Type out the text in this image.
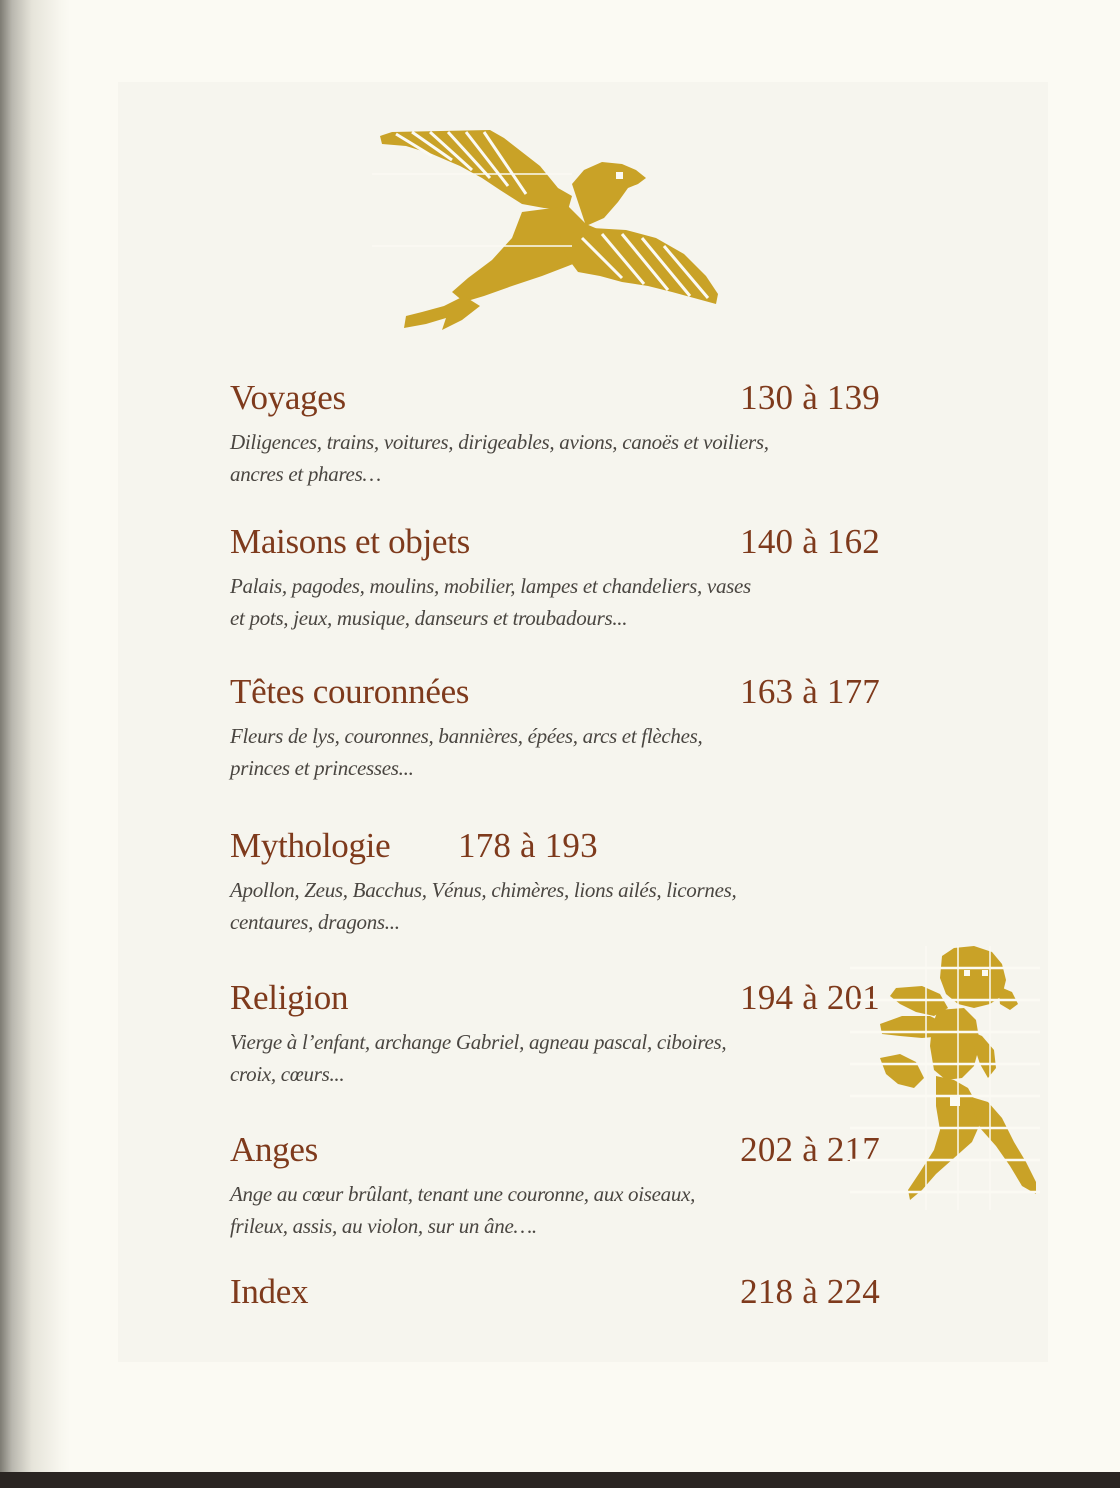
Voyages	130 à 139
Diligences, trains, voitures, dirigeables, avions, canoës et voiliers,
ancres et phares…
Maisons et objets	140 à 162
Palais, pagodes, moulins, mobilier, lampes et chandeliers, vases
et pots, jeux, musique, danseurs et troubadours...
Têtes couronnées	163 à 177
Fleurs de lys, couronnes, bannières, épées, arcs et flèches,
princes et princesses...
Mythologie 178 à 193
Apollon, Zeus, Bacchus, Vénus, chimères, lions ailés, licornes,
centaures, dragons...
Religion	194 à 201
Vierge à l’enfant, archange Gabriel, agneau pascal, ciboires,
croix, cœurs...
Anges	202 à 217
Ange au cœur brûlant, tenant une couronne, aux oiseaux,
frileux, assis, au violon, sur un âne….
Index	218 à 224
